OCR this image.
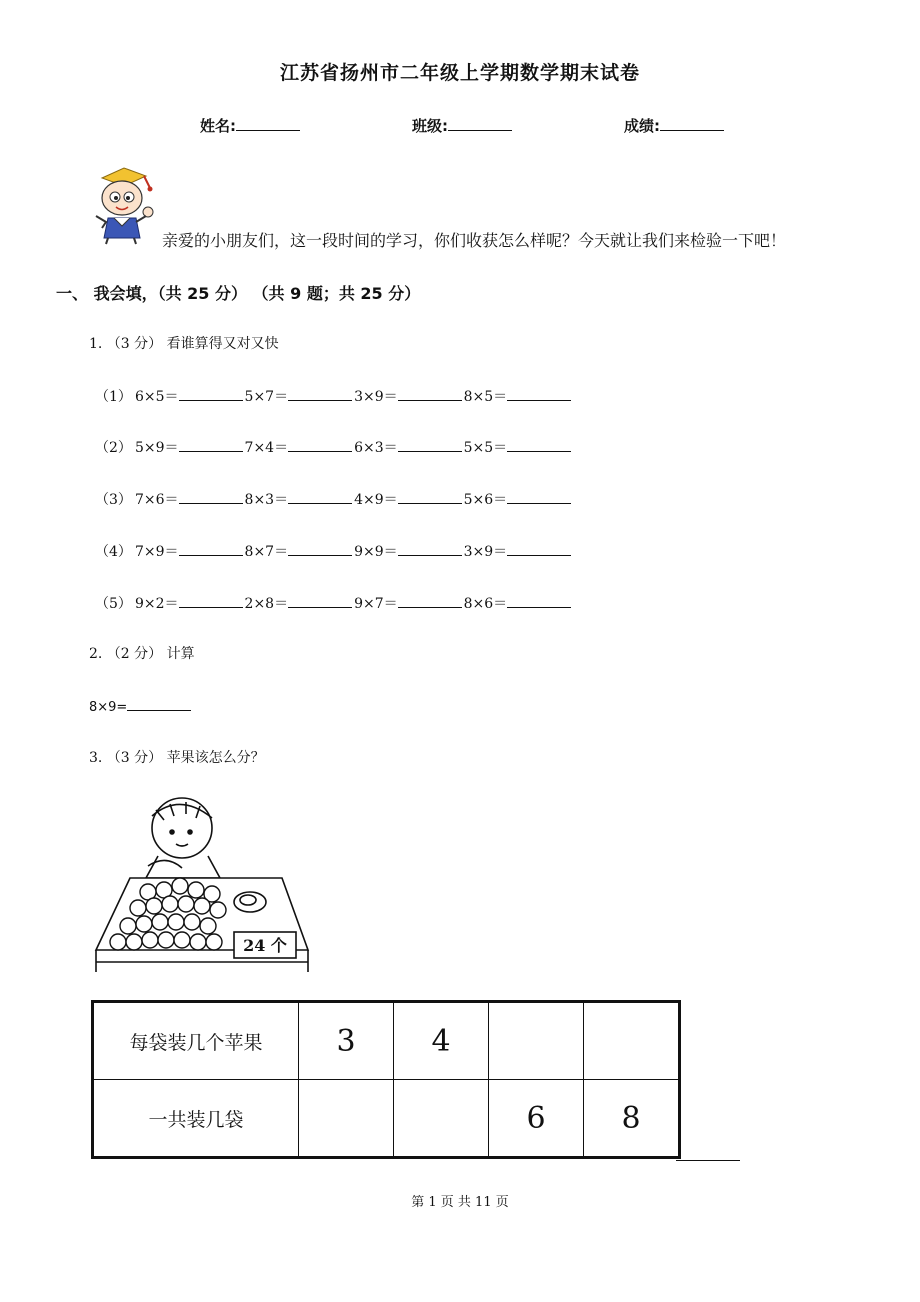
江苏省扬州市二年级上学期数学期末试卷
姓名:	班级:	成绩:
亲爱的小朋友们，这一段时间的学习，你们收获怎么样呢？今天就让我们来检验一下吧！
一、 我会填，（共 25 分） （共 9 题；共 25 分）
1. （3 分） 看谁算得又对又快
（1） 6×5＝	5×7＝	3×9＝	8×5＝
（2） 5×9＝	7×4＝	6×3＝	5×5＝
（3） 7×6＝	8×3＝	4×9＝	5×6＝
（4） 7×9＝	8×7＝	9×9＝	3×9＝
（5） 9×2＝	2×8＝	9×7＝	8×6＝
2. （2 分） 计算
8×9=
3. （3 分） 苹果该怎么分？
24 个
每袋装几个苹果	3	4		
一共装几袋			6	8
第 1 页 共 11 页
